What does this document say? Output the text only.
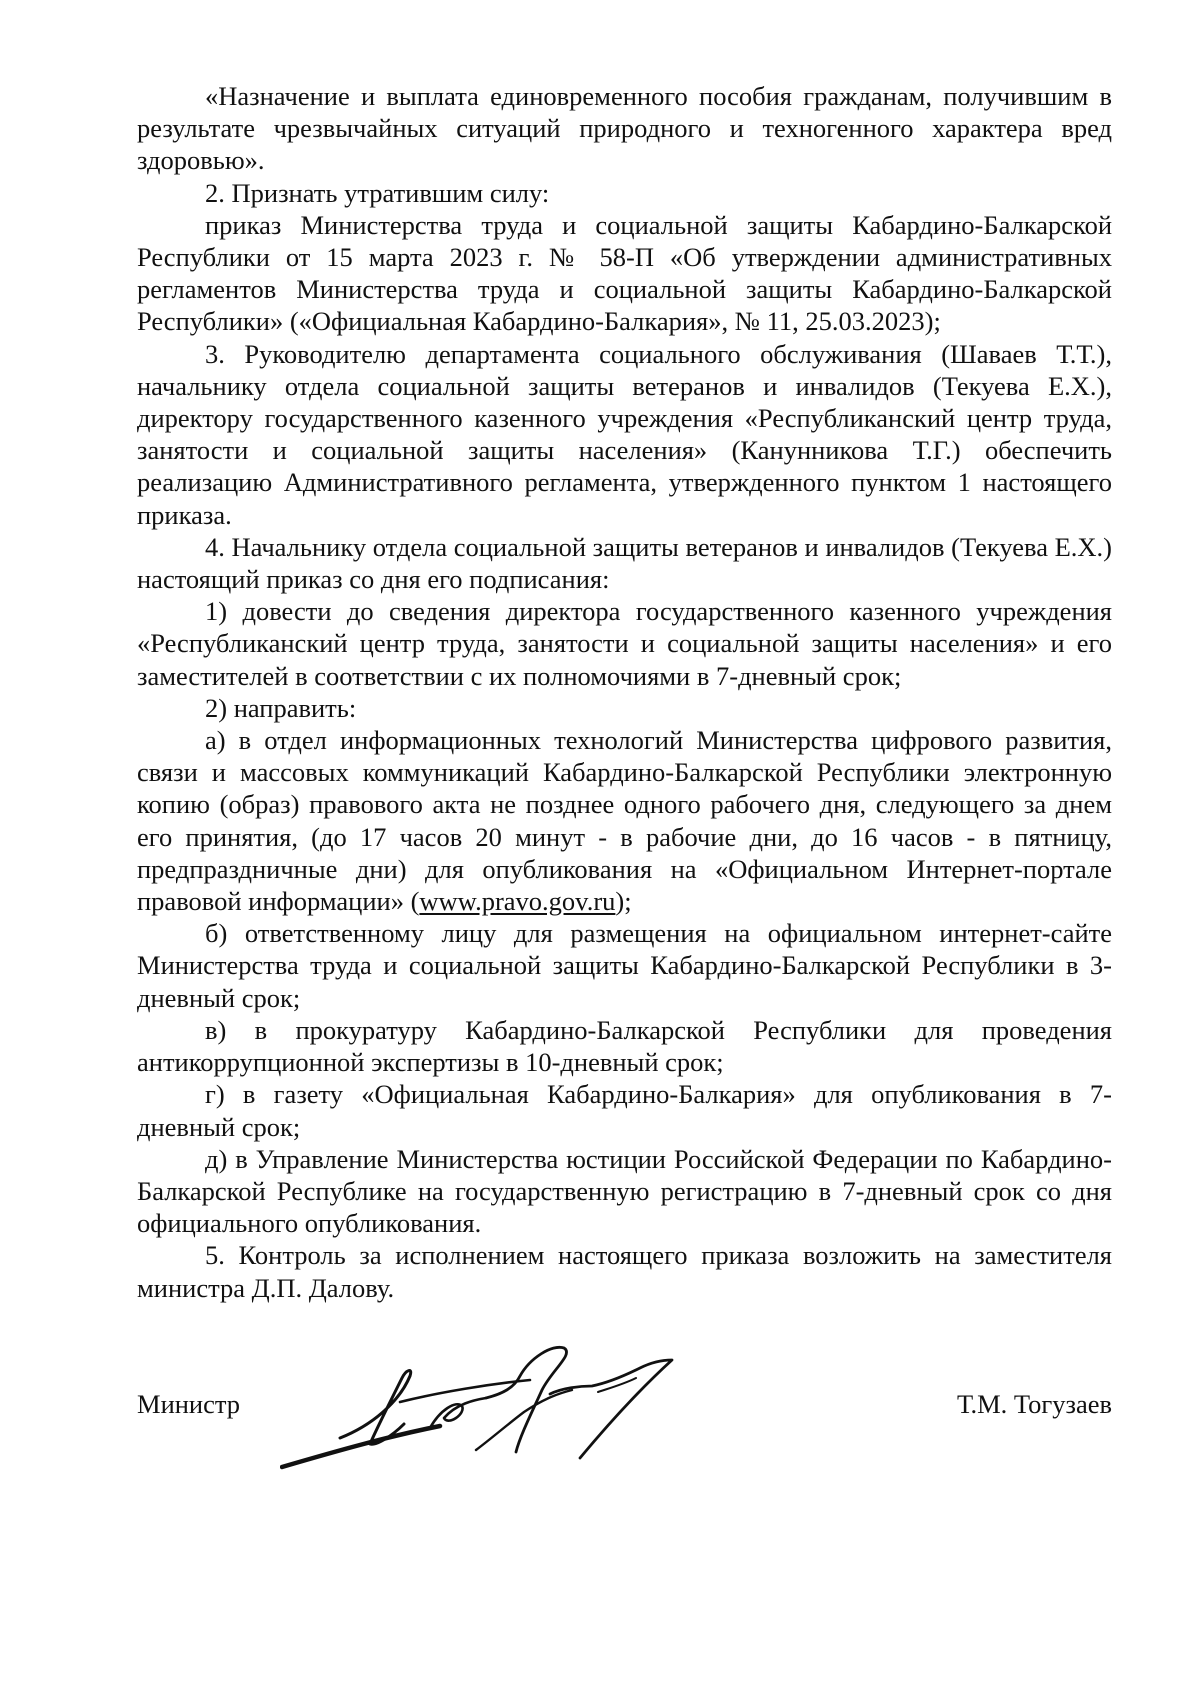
«Назначение и выплата единовременного пособия гражданам, получившим в результате чрезвычайных ситуаций природного и техногенного характера вред здоровью».

2. Признать утратившим силу:

приказ Министерства труда и социальной защиты Кабардино-Балкарской Республики от 15 марта 2023 г. № 58-П «Об утверждении административных регламентов Министерства труда и социальной защиты Кабардино-Балкарской Республики» («Официальная Кабардино-Балкария», № 11, 25.03.2023);

3. Руководителю департамента социального обслуживания (Шаваев Т.Т.), начальнику отдела социальной защиты ветеранов и инвалидов (Текуева Е.Х.), директору государственного казенного учреждения «Республиканский центр труда, занятости и социальной защиты населения» (Канунникова Т.Г.) обеспечить реализацию Административного регламента, утвержденного пунктом 1 настоящего приказа.

4. Начальнику отдела социальной защиты ветеранов и инвалидов (Текуева Е.Х.) настоящий приказ со дня его подписания:

1) довести до сведения директора государственного казенного учреждения «Республиканский центр труда, занятости и социальной защиты населения» и его заместителей в соответствии с их полномочиями в 7-дневный срок;

2) направить:

а) в отдел информационных технологий Министерства цифрового развития, связи и массовых коммуникаций Кабардино-Балкарской Республики электронную копию (образ) правового акта не позднее одного рабочего дня, следующего за днем его принятия, (до 17 часов 20 минут - в рабочие дни, до 16 часов - в пятницу, предпраздничные дни) для опубликования на «Официальном Интернет-портале правовой информации» (www.pravo.gov.ru);

б) ответственному лицу для размещения на официальном интернет-сайте Министерства труда и социальной защиты Кабардино-Балкарской Республики в 3-дневный срок;

в) в прокуратуру Кабардино-Балкарской Республики для проведения антикоррупционной экспертизы в 10-дневный срок;

г) в газету «Официальная Кабардино-Балкария» для опубликования в 7-дневный срок;

д) в Управление Министерства юстиции Российской Федерации по Кабардино-Балкарской Республике на государственную регистрацию в 7-дневный срок со дня официального опубликования.

5. Контроль за исполнением настоящего приказа возложить на заместителя министра Д.П. Далову.

Министр	Т.М. Тогузаев
